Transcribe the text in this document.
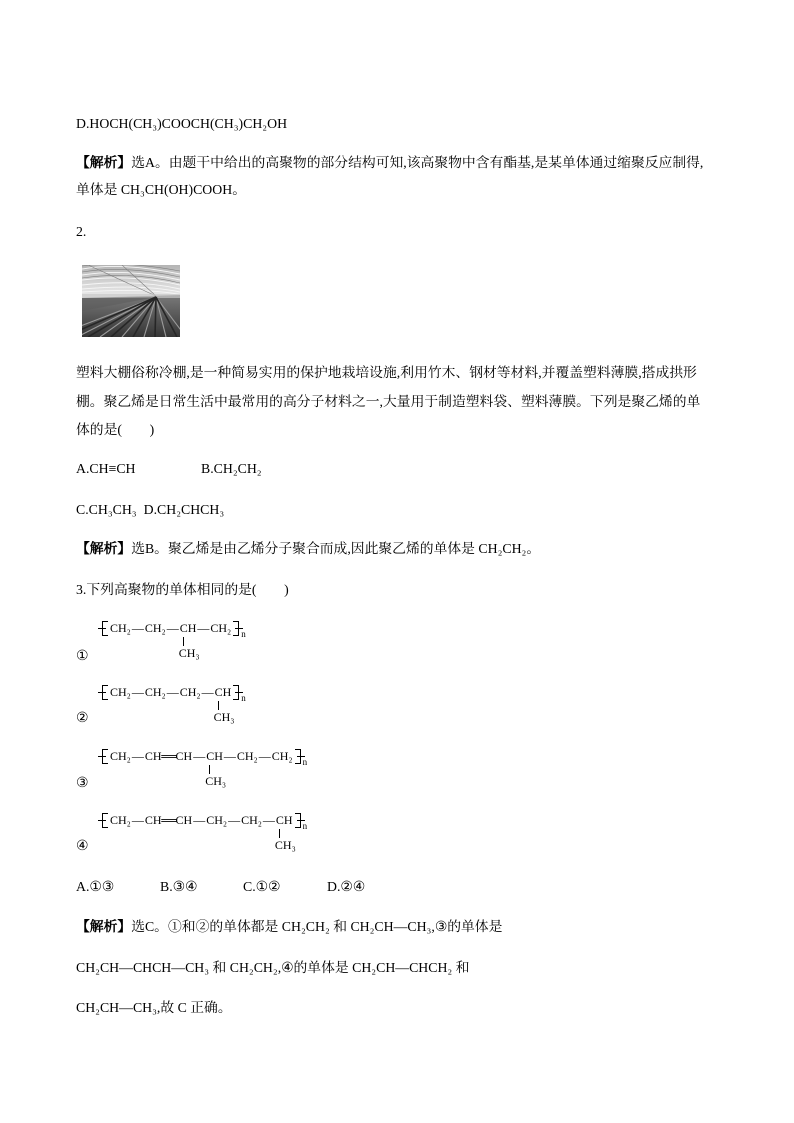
D.HOCH(CH₃)COOCH(CH₃)CH₂OH
【解析】选A。由题干中给出的高聚物的部分结构可知,该高聚物中含有酯基,是某单体通过缩聚反应制得,
单体是 CH₃CH(OH)COOH。
2.
塑料大棚俗称冷棚,是一种简易实用的保护地栽培设施,利用竹木、钢材等材料,并覆盖塑料薄膜,搭成拱形
棚。聚乙烯是日常生活中最常用的高分子材料之一,大量用于制造塑料袋、塑料薄膜。下列是聚乙烯的单
体的是(　　)
A.CH≡CH	B.CH₂CH₂
C.CH₃CH₃ D.CH₂CHCH₃
【解析】选B。聚乙烯是由乙烯分子聚合而成,因此聚乙烯的单体是 CH₂CH₂。
3.下列高聚物的单体相同的是(　　)
CH₂ — CH₂ — CH
CH₃
— CH₂ n
①
CH₂ — CH₂ — CH₂ — CH
CH₃
n
②
CH₂ — CH ═ CH — CH
CH₃
— CH₂ — CH₂ n
③
CH₂ — CH ═ CH — CH₂ — CH₂ — CH
CH₃
n
④
A.①③	B.③④	C.①②	D.②④
【解析】选C。①和②的单体都是 CH₂CH₂ 和 CH₂CH—CH₃,③的单体是
CH₂CH—CHCH—CH₃ 和 CH₂CH₂,④的单体是 CH₂CH—CHCH₂ 和
CH₂CH—CH₃,故 C 正确。
